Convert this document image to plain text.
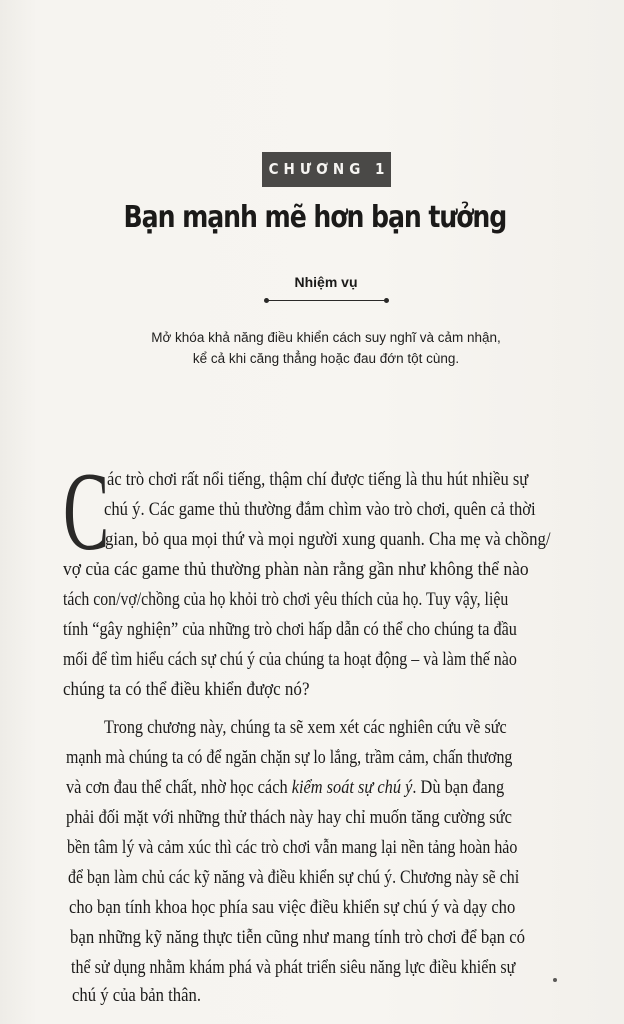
CHƯƠNG 1
Bạn mạnh mẽ hơn bạn tưởng
Nhiệm vụ
Mở khóa khả năng điều khiển cách suy nghĩ và cảm nhận,
kể cả khi căng thẳng hoặc đau đớn tột cùng.
C
ác trò chơi rất nổi tiếng, thậm chí được tiếng là thu hút nhiều sự
chú ý. Các game thủ thường đắm chìm vào trò chơi, quên cả thời
gian, bỏ qua mọi thứ và mọi người xung quanh. Cha mẹ và chồng/
vợ của các game thủ thường phàn nàn rằng gần như không thể nào
tách con/vợ/chồng của họ khỏi trò chơi yêu thích của họ. Tuy vậy, liệu
tính “gây nghiện” của những trò chơi hấp dẫn có thể cho chúng ta đầu
mối để tìm hiểu cách sự chú ý của chúng ta hoạt động – và làm thế nào
chúng ta có thể điều khiển được nó?
Trong chương này, chúng ta sẽ xem xét các nghiên cứu về sức
mạnh mà chúng ta có để ngăn chặn sự lo lắng, trầm cảm, chấn thương
và cơn đau thể chất, nhờ học cách kiểm soát sự chú ý. Dù bạn đang
phải đối mặt với những thử thách này hay chỉ muốn tăng cường sức
bền tâm lý và cảm xúc thì các trò chơi vẫn mang lại nền tảng hoàn hảo
để bạn làm chủ các kỹ năng và điều khiển sự chú ý. Chương này sẽ chỉ
cho bạn tính khoa học phía sau việc điều khiển sự chú ý và dạy cho
bạn những kỹ năng thực tiễn cũng như mang tính trò chơi để bạn có
thể sử dụng nhằm khám phá và phát triển siêu năng lực điều khiển sự
chú ý của bản thân.
